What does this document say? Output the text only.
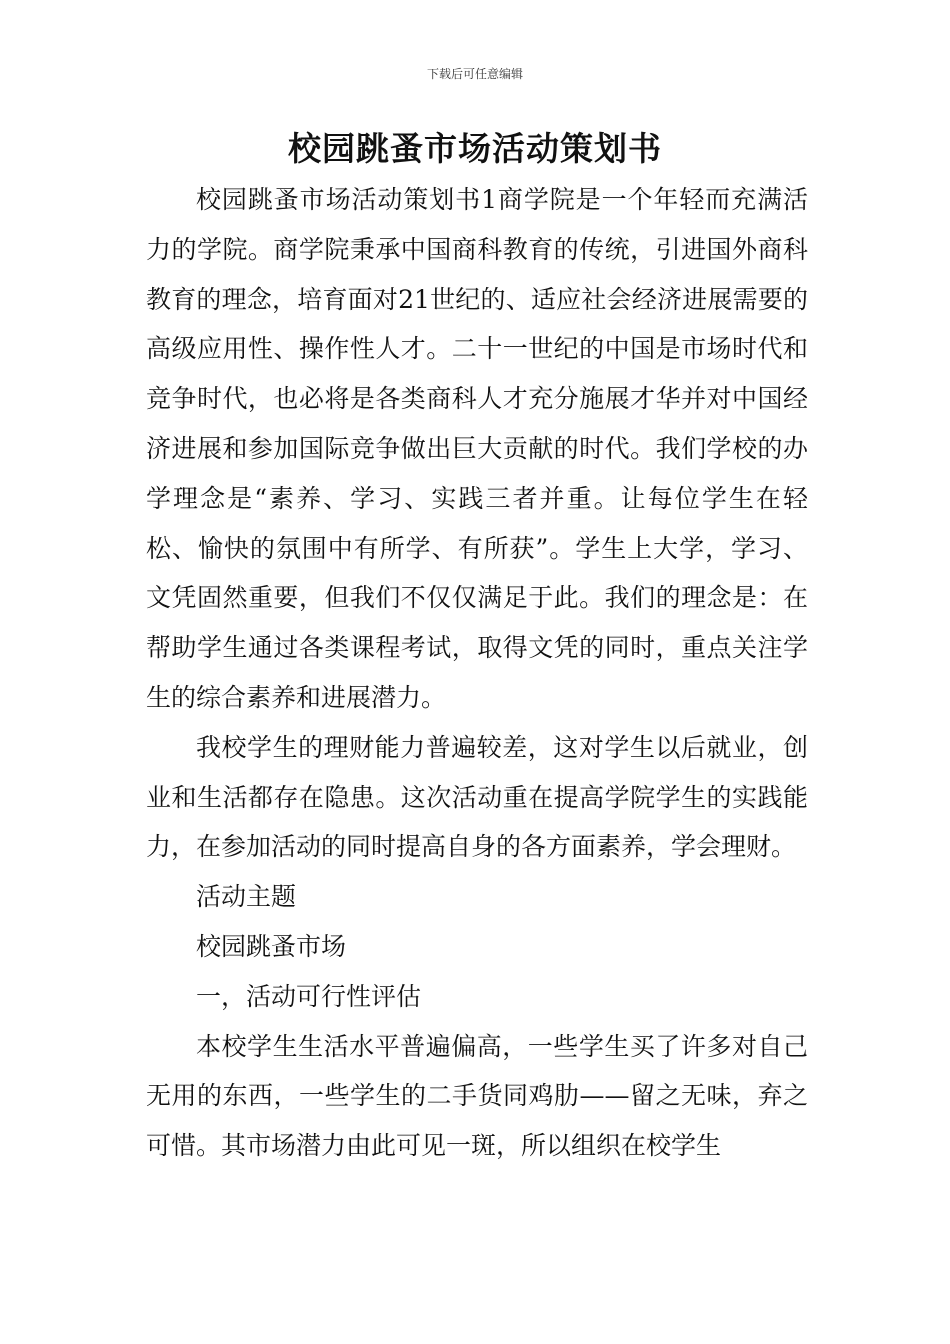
下载后可任意编辑
校园跳蚤市场活动策划书

校园跳蚤市场活动策划书1商学院是一个年轻而充满活力的学院。商学院秉承中国商科教育的传统，引进国外商科教育的理念，培育面对21世纪的、适应社会经济进展需要的高级应用性、操作性人才。二十一世纪的中国是市场时代和竞争时代，也必将是各类商科人才充分施展才华并对中国经济进展和参加国际竞争做出巨大贡献的时代。我们学校的办学理念是“素养、学习、实践三者并重。让每位学生在轻松、愉快的氛围中有所学、有所获”。学生上大学，学习、文凭固然重要，但我们不仅仅满足于此。我们的理念是：在帮助学生通过各类课程考试，取得文凭的同时，重点关注学生的综合素养和进展潜力。

我校学生的理财能力普遍较差，这对学生以后就业，创业和生活都存在隐患。这次活动重在提高学院学生的实践能力，在参加活动的同时提高自身的各方面素养，学会理财。

活动主题

校园跳蚤市场

一，活动可行性评估

本校学生生活水平普遍偏高，一些学生买了许多对自己无用的东西，一些学生的二手货同鸡肋——留之无味，弃之可惜。其市场潜力由此可见一斑，所以组织在校学生
